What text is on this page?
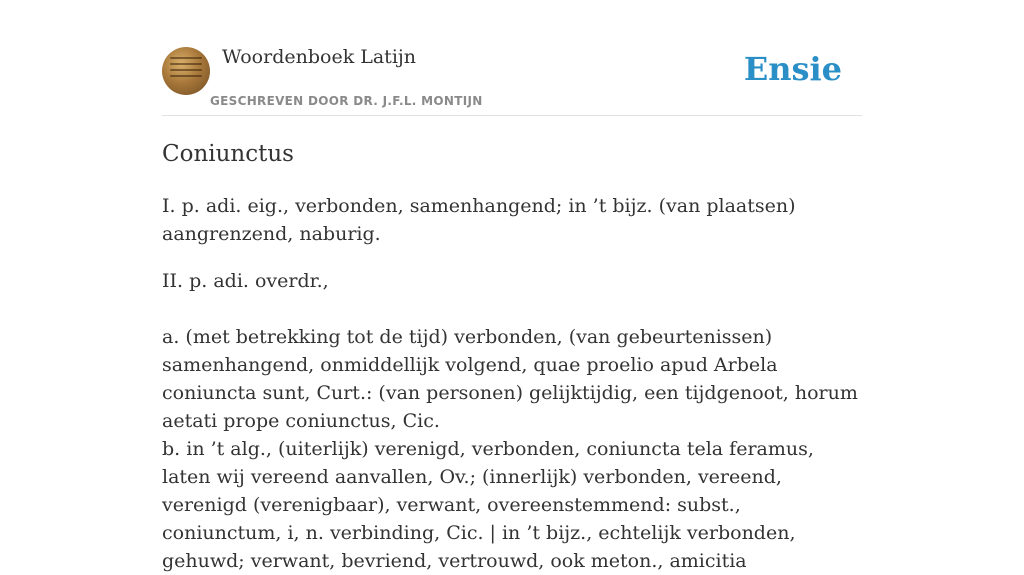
Woordenboek Latijn
GESCHREVEN DOOR DR. J.F.L. MONTIJN
Ensie
Coniunctus
I. p. adi. eig., verbonden, samenhangend; in ’t bijz. (van plaatsen) aangrenzend, naburig.
II. p. adi. overdr.,
a. (met betrekking tot de tijd) verbonden, (van gebeurtenissen) samenhangend, onmiddellijk volgend, quae proelio apud Arbela coniuncta sunt, Curt.: (van personen) gelijktijdig, een tijdgenoot, horum aetati prope coniunctus, Cic.
b. in ’t alg., (uiterlijk) verenigd, verbonden, coniuncta tela feramus, laten wij vereend aanvallen, Ov.; (innerlijk) verbonden, vereend, verenigd (verenigbaar), verwant, overeenstemmend: subst., coniunctum, i, n. verbinding, Cic. | in ’t bijz., echtelijk verbonden, gehuwd; verwant, bevriend, vertrouwd, ook meton., amicitia
